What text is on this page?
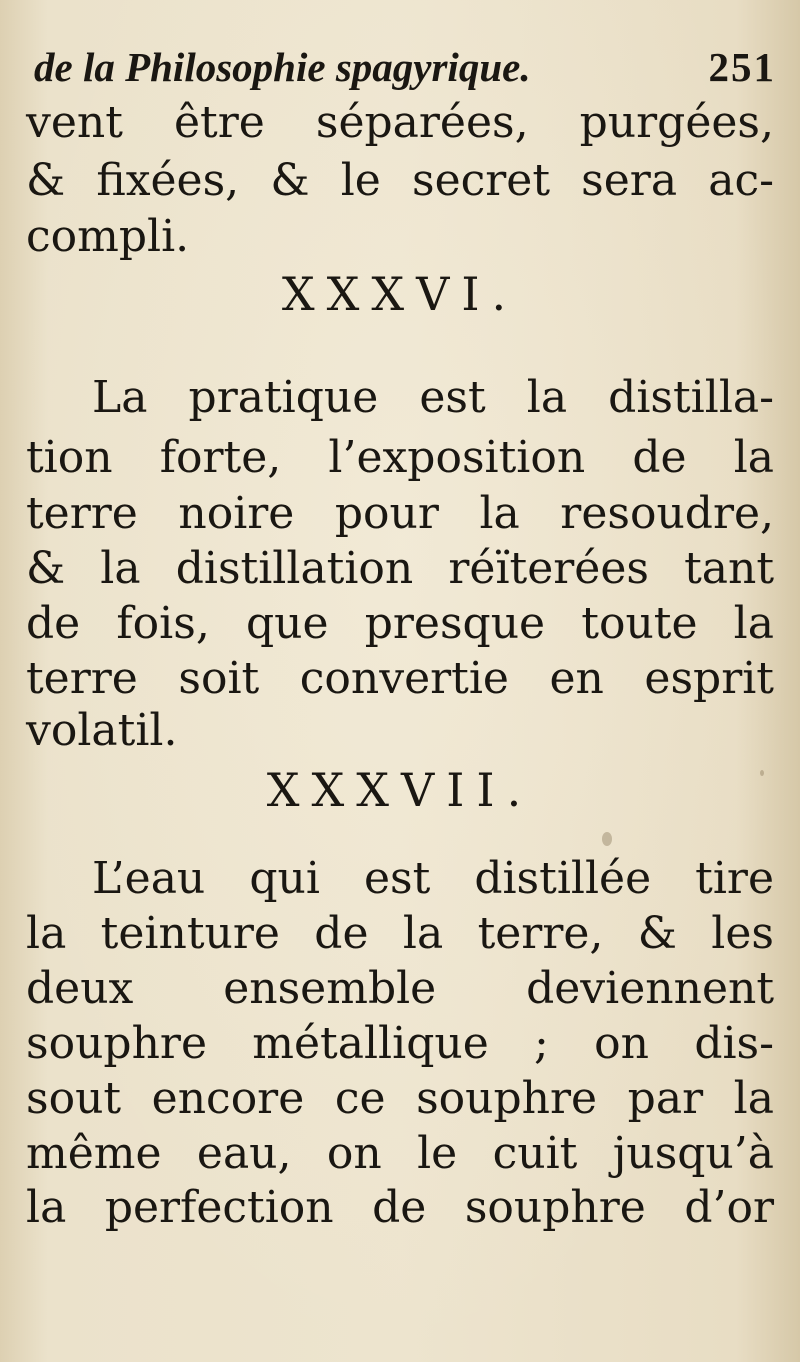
de la Philosophie spagyrique.	251
vent être séparées, purgées,
& fixées, & le secret sera ac-
compli.
XXXVI.
La pratique est la distilla-
tion forte, l’exposition de la
terre noire pour la resoudre,
& la distillation réïterées tant
de fois, que presque toute la
terre soit convertie en esprit
volatil.
XXXVII.
L’eau qui est distillée tire
la teinture de la terre, & les
deux ensemble deviennent
souphre métallique ; on dis-
sout encore ce souphre par la
même eau, on le cuit jusqu’à
la perfection de souphre d’or
